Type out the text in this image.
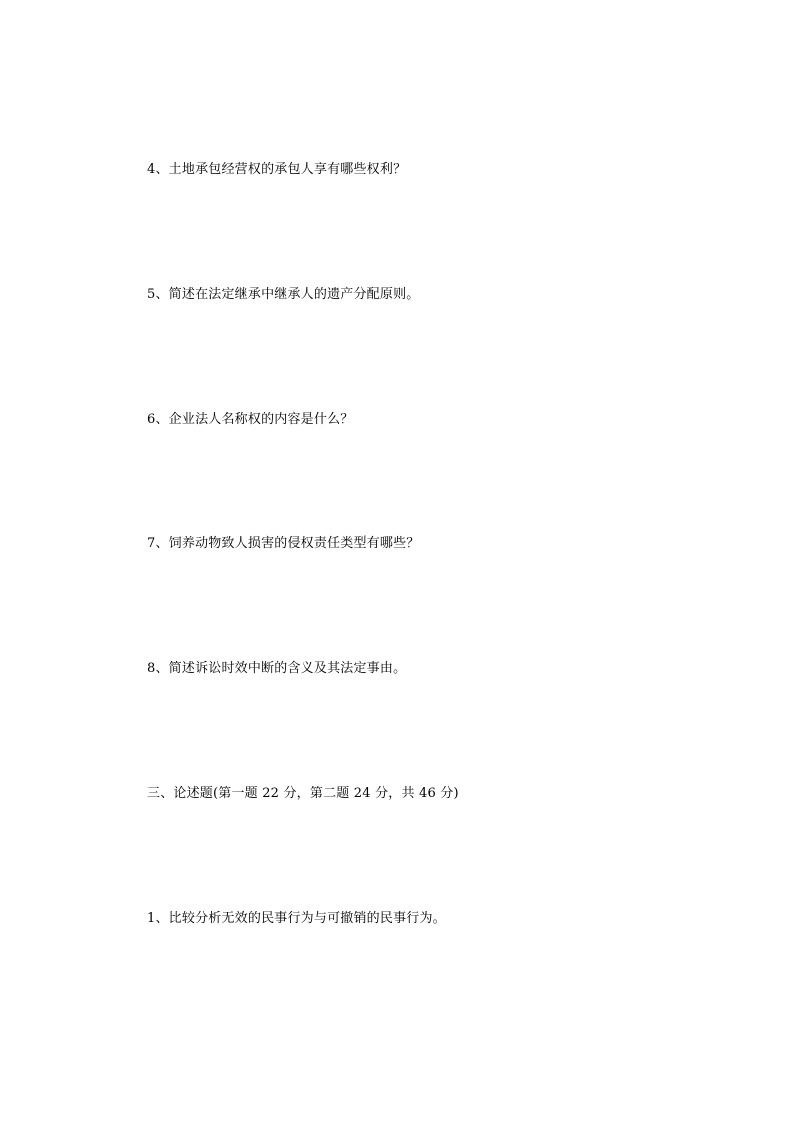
4、土地承包经营权的承包人享有哪些权利？
5、简述在法定继承中继承人的遗产分配原则。
6、企业法人名称权的内容是什么？
7、饲养动物致人损害的侵权责任类型有哪些？
8、简述诉讼时效中断的含义及其法定事由。
三、论述题(第一题 22 分，第二题 24 分，共 46 分)
1、比较分析无效的民事行为与可撤销的民事行为。
